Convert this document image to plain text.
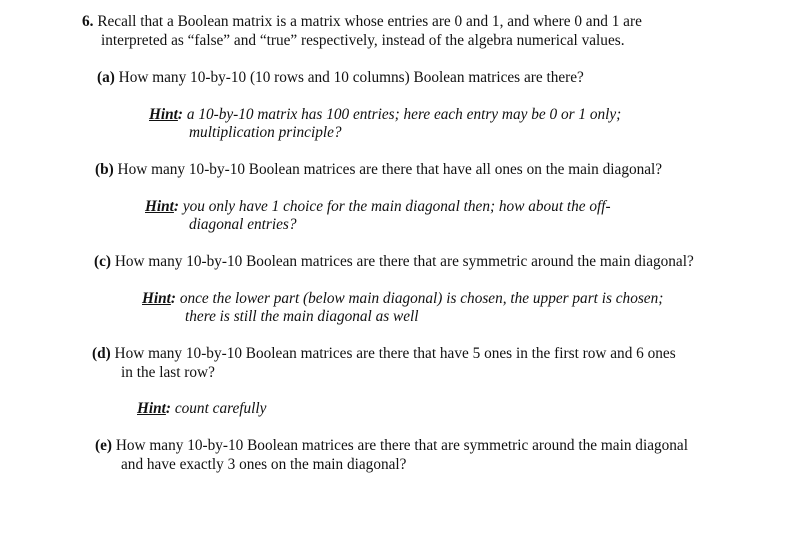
6. Recall that a Boolean matrix is a matrix whose entries are 0 and 1, and where 0 and 1 are
interpreted as “false” and “true” respectively, instead of the algebra numerical values.
(a) How many 10-by-10 (10 rows and 10 columns) Boolean matrices are there?
Hint: a 10-by-10 matrix has 100 entries; here each entry may be 0 or 1 only;
multiplication principle?
(b) How many 10-by-10 Boolean matrices are there that have all ones on the main diagonal?
Hint: you only have 1 choice for the main diagonal then; how about the off-
diagonal entries?
(c) How many 10-by-10 Boolean matrices are there that are symmetric around the main diagonal?
Hint: once the lower part (below main diagonal) is chosen, the upper part is chosen;
there is still the main diagonal as well
(d) How many 10-by-10 Boolean matrices are there that have 5 ones in the first row and 6 ones
in the last row?
Hint: count carefully
(e) How many 10-by-10 Boolean matrices are there that are symmetric around the main diagonal
and have exactly 3 ones on the main diagonal?
